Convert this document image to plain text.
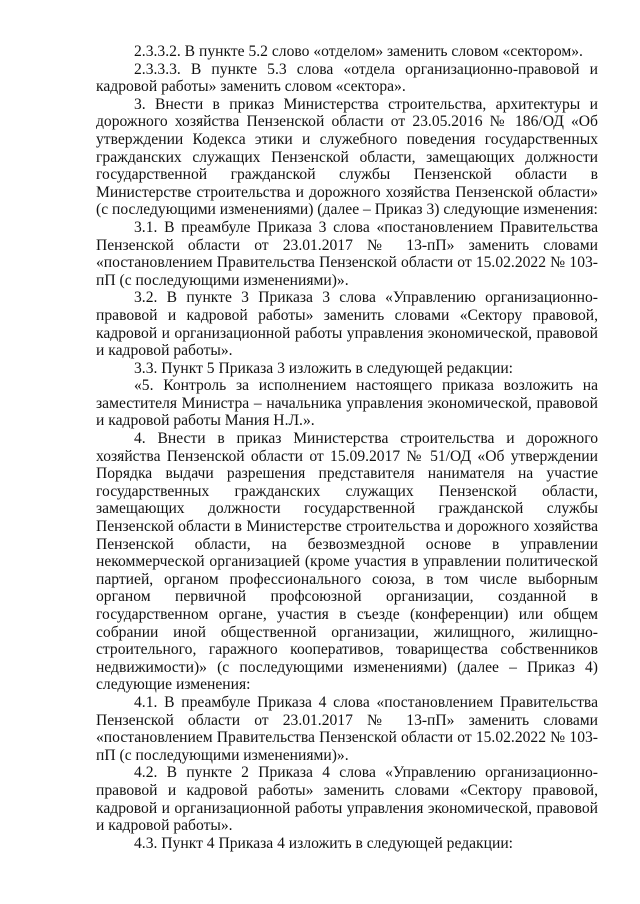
2.3.3.2. В пункте 5.2 слово «отделом» заменить словом «сектором».

2.3.3.3. В пункте 5.3 слова «отдела организационно-правовой и кадровой работы» заменить словом «сектора».

3. Внести в приказ Министерства строительства, архитектуры и дорожного хозяйства Пензенской области от 23.05.2016 № 186/ОД «Об утверждении Кодекса этики и служебного поведения государственных гражданских служащих Пензенской области, замещающих должности государственной гражданской службы Пензенской области в Министерстве строительства и дорожного хозяйства Пензенской области» (с последующими изменениями) (далее – Приказ 3) следующие изменения:

3.1. В преамбуле Приказа 3 слова «постановлением Правительства Пензенской области от 23.01.2017 № 13-пП» заменить словами «постановлением Правительства Пензенской области от 15.02.2022 № 103-пП (с последующими изменениями)».

3.2. В пункте 3 Приказа 3 слова «Управлению организационно-правовой и кадровой работы» заменить словами «Сектору правовой, кадровой и организационной работы управления экономической, правовой и кадровой работы».

3.3. Пункт 5 Приказа 3 изложить в следующей редакции:

«5. Контроль за исполнением настоящего приказа возложить на заместителя Министра – начальника управления экономической, правовой и кадровой работы Мания Н.Л.».

4. Внести в приказ Министерства строительства и дорожного хозяйства Пензенской области от 15.09.2017 № 51/ОД «Об утверждении Порядка выдачи разрешения представителя нанимателя на участие государственных гражданских служащих Пензенской области, замещающих должности государственной гражданской службы Пензенской области в Министерстве строительства и дорожного хозяйства Пензенской области, на безвозмездной основе в управлении некоммерческой организацией (кроме участия в управлении политической партией, органом профессионального союза, в том числе выборным органом первичной профсоюзной организации, созданной в государственном органе, участия в съезде (конференции) или общем собрании иной общественной организации, жилищного, жилищно-строительного, гаражного кооперативов, товарищества собственников недвижимости)» (с последующими изменениями) (далее – Приказ 4) следующие изменения:

4.1. В преамбуле Приказа 4 слова «постановлением Правительства Пензенской области от 23.01.2017 № 13-пП» заменить словами «постановлением Правительства Пензенской области от 15.02.2022 № 103-пП (с последующими изменениями)».

4.2. В пункте 2 Приказа 4 слова «Управлению организационно-правовой и кадровой работы» заменить словами «Сектору правовой, кадровой и организационной работы управления экономической, правовой и кадровой работы».

4.3. Пункт 4 Приказа 4 изложить в следующей редакции:
